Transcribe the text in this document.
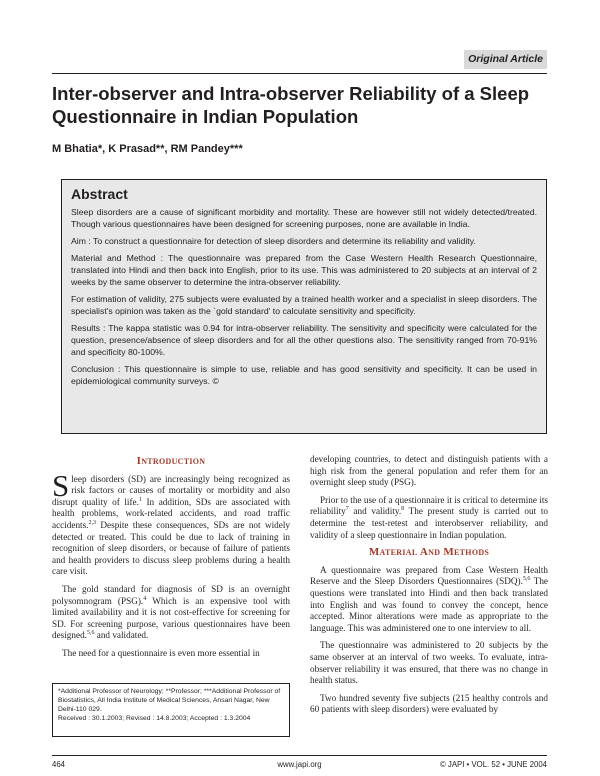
Original Article
Inter-observer and Intra-observer Reliability of a Sleep Questionnaire in Indian Population
M Bhatia*, K Prasad**, RM Pandey***
Abstract

Sleep disorders are a cause of significant morbidity and mortality. These are however still not widely detected/treated. Though various questionnaires have been designed for screening purposes, none are available in India.

Aim : To construct a questionnaire for detection of sleep disorders and determine its reliability and validity.

Material and Method : The questionnaire was prepared from the Case Western Health Research Questionnaire, translated into Hindi and then back into English, prior to its use. This was administered to 20 subjects at an interval of 2 weeks by the same observer to determine the intra-observer reliability.

For estimation of validity, 275 subjects were evaluated by a trained health worker and a specialist in sleep disorders. The specialist's opinion was taken as the `gold standard' to calculate sensitivity and specificity.

Results : The kappa statistic was 0.94 for intra-observer reliability. The sensitivity and specificity were calculated for the question, presence/absence of sleep disorders and for all the other questions also. The sensitivity ranged from 70-91% and specificity 80-100%.

Conclusion : This questionnaire is simple to use, reliable and has good sensitivity and specificity. It can be used in epidemiological community surveys. ©

Introduction

Sleep disorders (SD) are increasingly being recognized as risk factors or causes of mortality or morbidity and also disrupt quality of life.$^1$ In addition, SDs are associated with health problems, work-related accidents, and road traffic accidents.$^{2,3}$ Despite these consequences, SDs are not widely detected or treated. This could be due to lack of training in recognition of sleep disorders, or because of failure of patients and health providers to discuss sleep problems during a health care visit.

The gold standard for diagnosis of SD is an overnight polysomnogram (PSG).$^4$ Which is an expensive tool with limited availability and it is not cost-effective for screening for SD. For screening purpose, various questionnaires have been designed.$^{5,6}$ and validated.

The need for a questionnaire is even more essential in

*Additional Professor of Neurology; **Professor; ***Additional Professor of Biostatistics, All India Institute of Medical Sciences, Ansari Nagar, New Delhi-110 029.
Received : 30.1.2003; Revised : 14.8.2003; Accepted : 1.3.2004

developing countries, to detect and distinguish patients with a high risk from the general population and refer them for an overnight sleep study (PSG).

Prior to the use of a questionnaire it is critical to determine its reliability$^7$ and validity.$^8$ The present study is carried out to determine the test-retest and interobserver reliability, and validity of a sleep questionnaire in Indian population.

Material And Methods

A questionnaire was prepared from Case Western Health Reserve and the Sleep Disorders Questionnaires (SDQ).$^{5,6}$ The questions were translated into Hindi and then back translated into English and was found to convey the concept, hence accepted. Minor alterations were made as appropriate to the language. This was administered one to one interview to all.

The questionnaire was administered to 20 subjects by the same observer at an interval of two weeks. To evaluate, intra-observer reliability it was ensured, that there was no change in health status.

Two hundred seventy five subjects (215 healthy controls and 60 patients with sleep disorders) were evaluated by

464	www.japi.org	© JAPI • VOL. 52 • JUNE 2004
